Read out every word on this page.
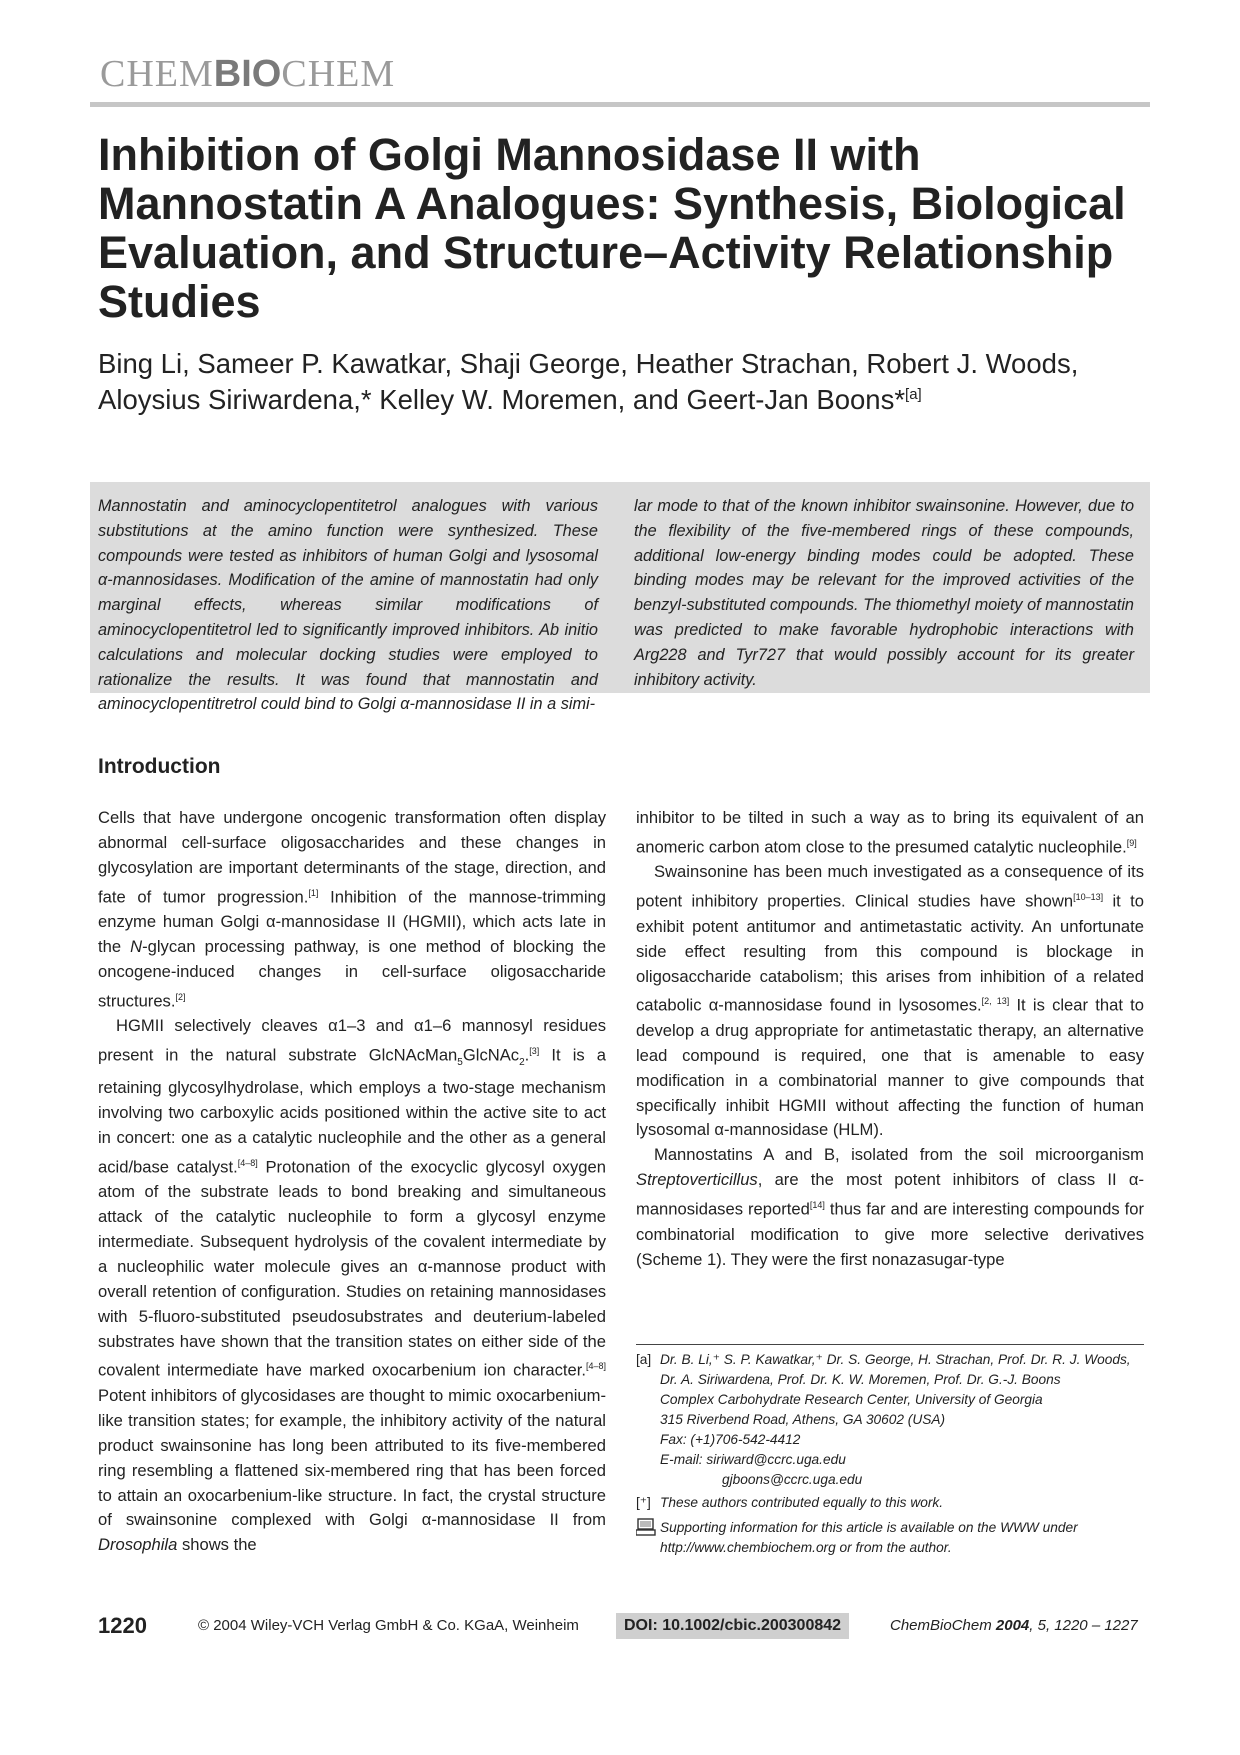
CHEMBIOCHEM
Inhibition of Golgi Mannosidase II with Mannostatin A Analogues: Synthesis, Biological Evaluation, and Structure–Activity Relationship Studies
Bing Li, Sameer P. Kawatkar, Shaji George, Heather Strachan, Robert J. Woods,
Aloysius Siriwardena,* Kelley W. Moremen, and Geert-Jan Boons*[a]
Mannostatin and aminocyclopentitetrol analogues with various substitutions at the amino function were synthesized. These compounds were tested as inhibitors of human Golgi and lysosomal α-mannosidases. Modification of the amine of mannostatin had only marginal effects, whereas similar modifications of aminocyclopentitetrol led to significantly improved inhibitors. Ab initio calculations and molecular docking studies were employed to rationalize the results. It was found that mannostatin and aminocyclopentitretrol could bind to Golgi α-mannosidase II in a simi-
lar mode to that of the known inhibitor swainsonine. However, due to the flexibility of the five-membered rings of these compounds, additional low-energy binding modes could be adopted. These binding modes may be relevant for the improved activities of the benzyl-substituted compounds. The thiomethyl moiety of mannostatin was predicted to make favorable hydrophobic interactions with Arg228 and Tyr727 that would possibly account for its greater inhibitory activity.
Introduction

Cells that have undergone oncogenic transformation often display abnormal cell-surface oligosaccharides and these changes in glycosylation are important determinants of the stage, direction, and fate of tumor progression.[1] Inhibition of the mannose-trimming enzyme human Golgi α-mannosidase II (HGMII), which acts late in the N-glycan processing pathway, is one method of blocking the oncogene-induced changes in cell-surface oligosaccharide structures.[2]

HGMII selectively cleaves α1–3 and α1–6 mannosyl residues present in the natural substrate GlcNAcMan$_5$GlcNAc$_2$.[3] It is a retaining glycosylhydrolase, which employs a two-stage mechanism involving two carboxylic acids positioned within the active site to act in concert: one as a catalytic nucleophile and the other as a general acid/base catalyst.[4–8] Protonation of the exocyclic glycosyl oxygen atom of the substrate leads to bond breaking and simultaneous attack of the catalytic nucleophile to form a glycosyl enzyme intermediate. Subsequent hydrolysis of the covalent intermediate by a nucleophilic water molecule gives an α-mannose product with overall retention of configuration. Studies on retaining mannosidases with 5-fluoro-substituted pseudosubstrates and deuterium-labeled substrates have shown that the transition states on either side of the covalent intermediate have marked oxocarbenium ion character.[4–8] Potent inhibitors of glycosidases are thought to mimic oxocarbenium-like transition states; for example, the inhibitory activity of the natural product swainsonine has long been attributed to its five-membered ring resembling a flattened six-membered ring that has been forced to attain an oxocarbenium-like structure. In fact, the crystal structure of swainsonine complexed with Golgi α-mannosidase II from Drosophila shows the

inhibitor to be tilted in such a way as to bring its equivalent of an anomeric carbon atom close to the presumed catalytic nucleophile.[9]

Swainsonine has been much investigated as a consequence of its potent inhibitory properties. Clinical studies have shown[10–13] it to exhibit potent antitumor and antimetastatic activity. An unfortunate side effect resulting from this compound is blockage in oligosaccharide catabolism; this arises from inhibition of a related catabolic α-mannosidase found in lysosomes.[2, 13] It is clear that to develop a drug appropriate for antimetastatic therapy, an alternative lead compound is required, one that is amenable to easy modification in a combinatorial manner to give compounds that specifically inhibit HGMII without affecting the function of human lysosomal α-mannosidase (HLM).

Mannostatins A and B, isolated from the soil microorganism Streptoverticillus, are the most potent inhibitors of class II α-mannosidases reported[14] thus far and are interesting compounds for combinatorial modification to give more selective derivatives (Scheme 1). They were the first nonazasugar-type

[a] Dr. B. Li,⁺ S. P. Kawatkar,⁺ Dr. S. George, H. Strachan, Prof. Dr. R. J. Woods,
Dr. A. Siriwardena, Prof. Dr. K. W. Moremen, Prof. Dr. G.-J. Boons
Complex Carbohydrate Research Center, University of Georgia
315 Riverbend Road, Athens, GA 30602 (USA)
Fax: (+1)706-542-4412
E-mail: siriward@ccrc.uga.edu
gjboons@ccrc.uga.edu
[⁺] These authors contributed equally to this work.
Supporting information for this article is available on the WWW under
http://www.chembiochem.org or from the author.
1220	© 2004 Wiley-VCH Verlag GmbH & Co. KGaA, Weinheim	DOI: 10.1002/cbic.200300842	ChemBioChem 2004, 5, 1220 – 1227
